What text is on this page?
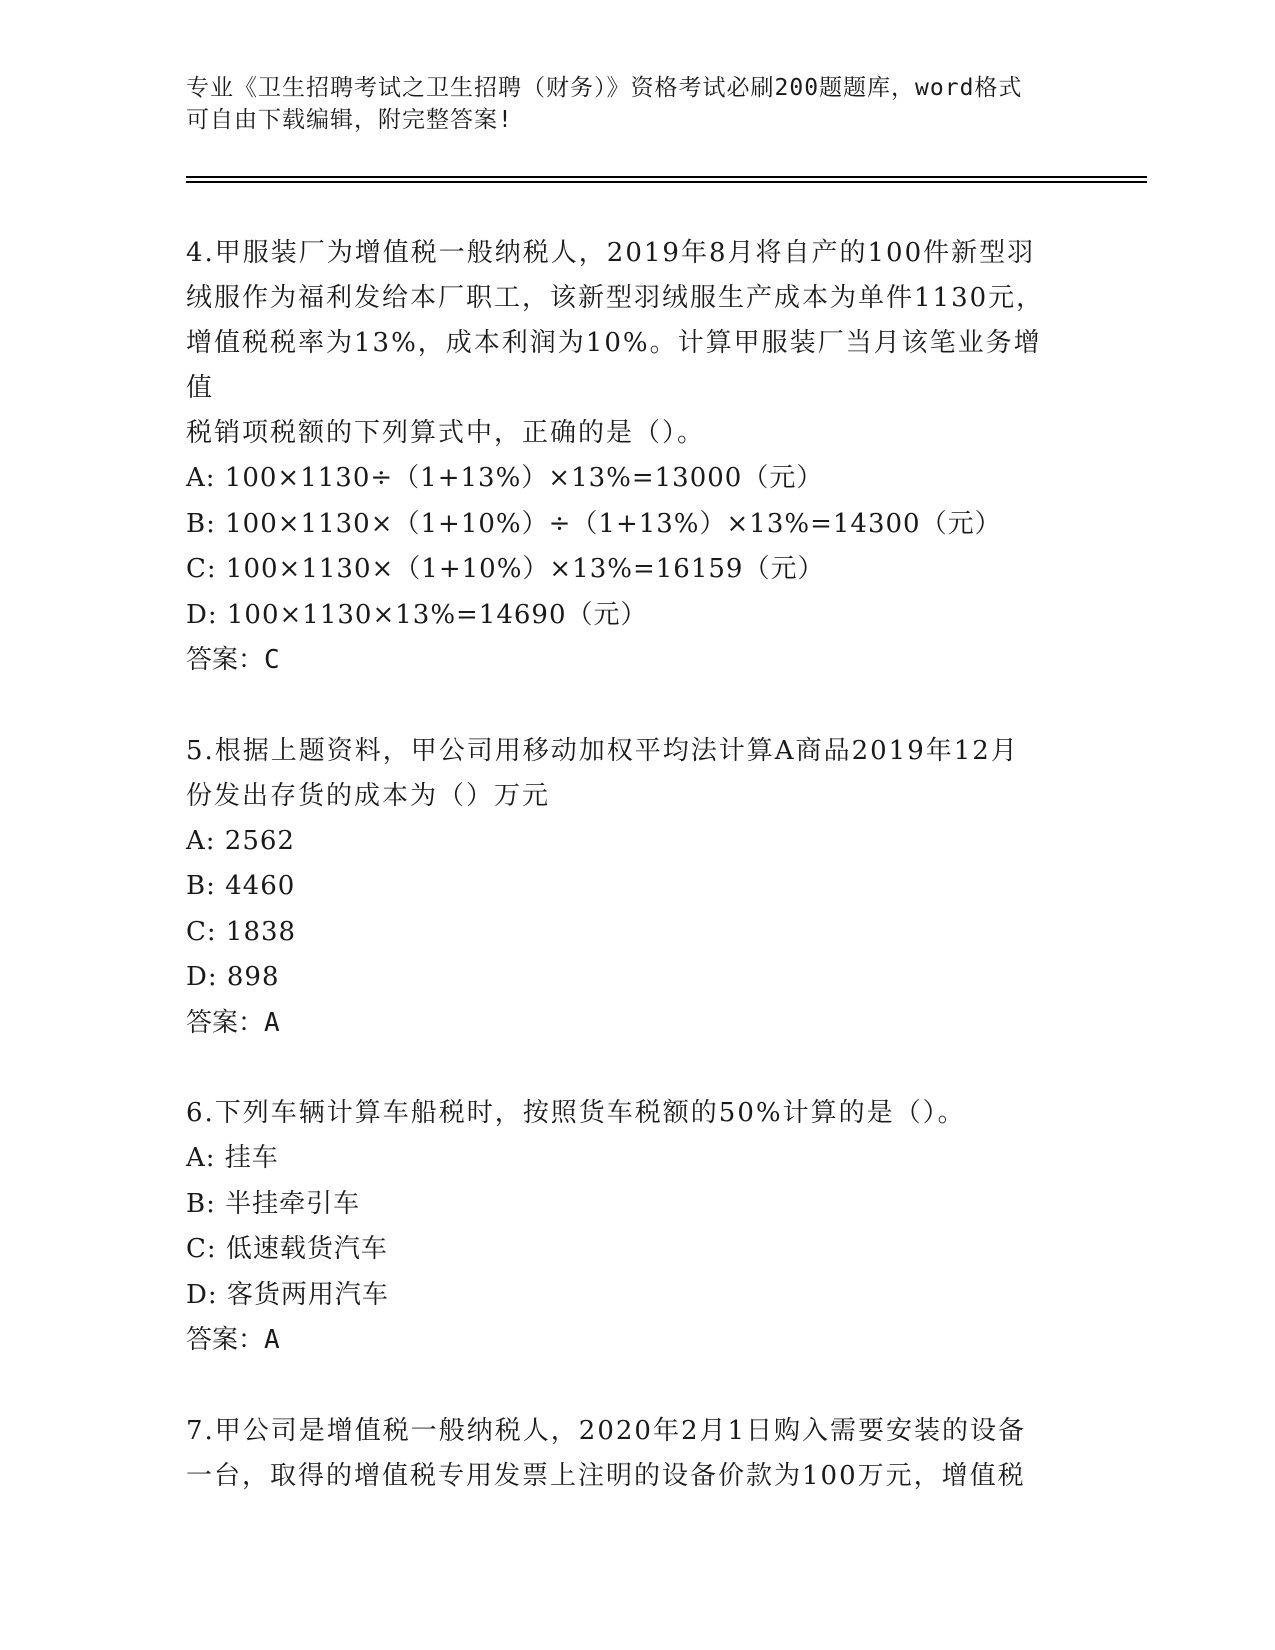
专业《卫生招聘考试之卫生招聘（财务）》资格考试必刷200题题库，word格式
可自由下载编辑，附完整答案!

4.甲服装厂为增值税一般纳税人，2019年8月将自产的100件新型羽

绒服作为福利发给本厂职工，该新型羽绒服生产成本为单件1130元，

增值税税率为13%，成本利润为10%。计算甲服装厂当月该笔业务增值

税销项税额的下列算式中，正确的是（）。

A: 100×1130÷（1+13%）×13%=13000（元）

B: 100×1130×（1+10%）÷（1+13%）×13%=14300（元）

C: 100×1130×（1+10%）×13%=16159（元）

D: 100×1130×13%=14690（元）

答案：C

5.根据上题资料，甲公司用移动加权平均法计算A商品2019年12月

份发出存货的成本为（）万元

A: 2562

B: 4460

C: 1838

D: 898

答案：A

6.下列车辆计算车船税时，按照货车税额的50%计算的是（）。

A: 挂车

B: 半挂牵引车

C: 低速载货汽车

D: 客货两用汽车

答案：A

7.甲公司是增值税一般纳税人，2020年2月1日购入需要安装的设备

一台，取得的增值税专用发票上注明的设备价款为100万元，增值税
